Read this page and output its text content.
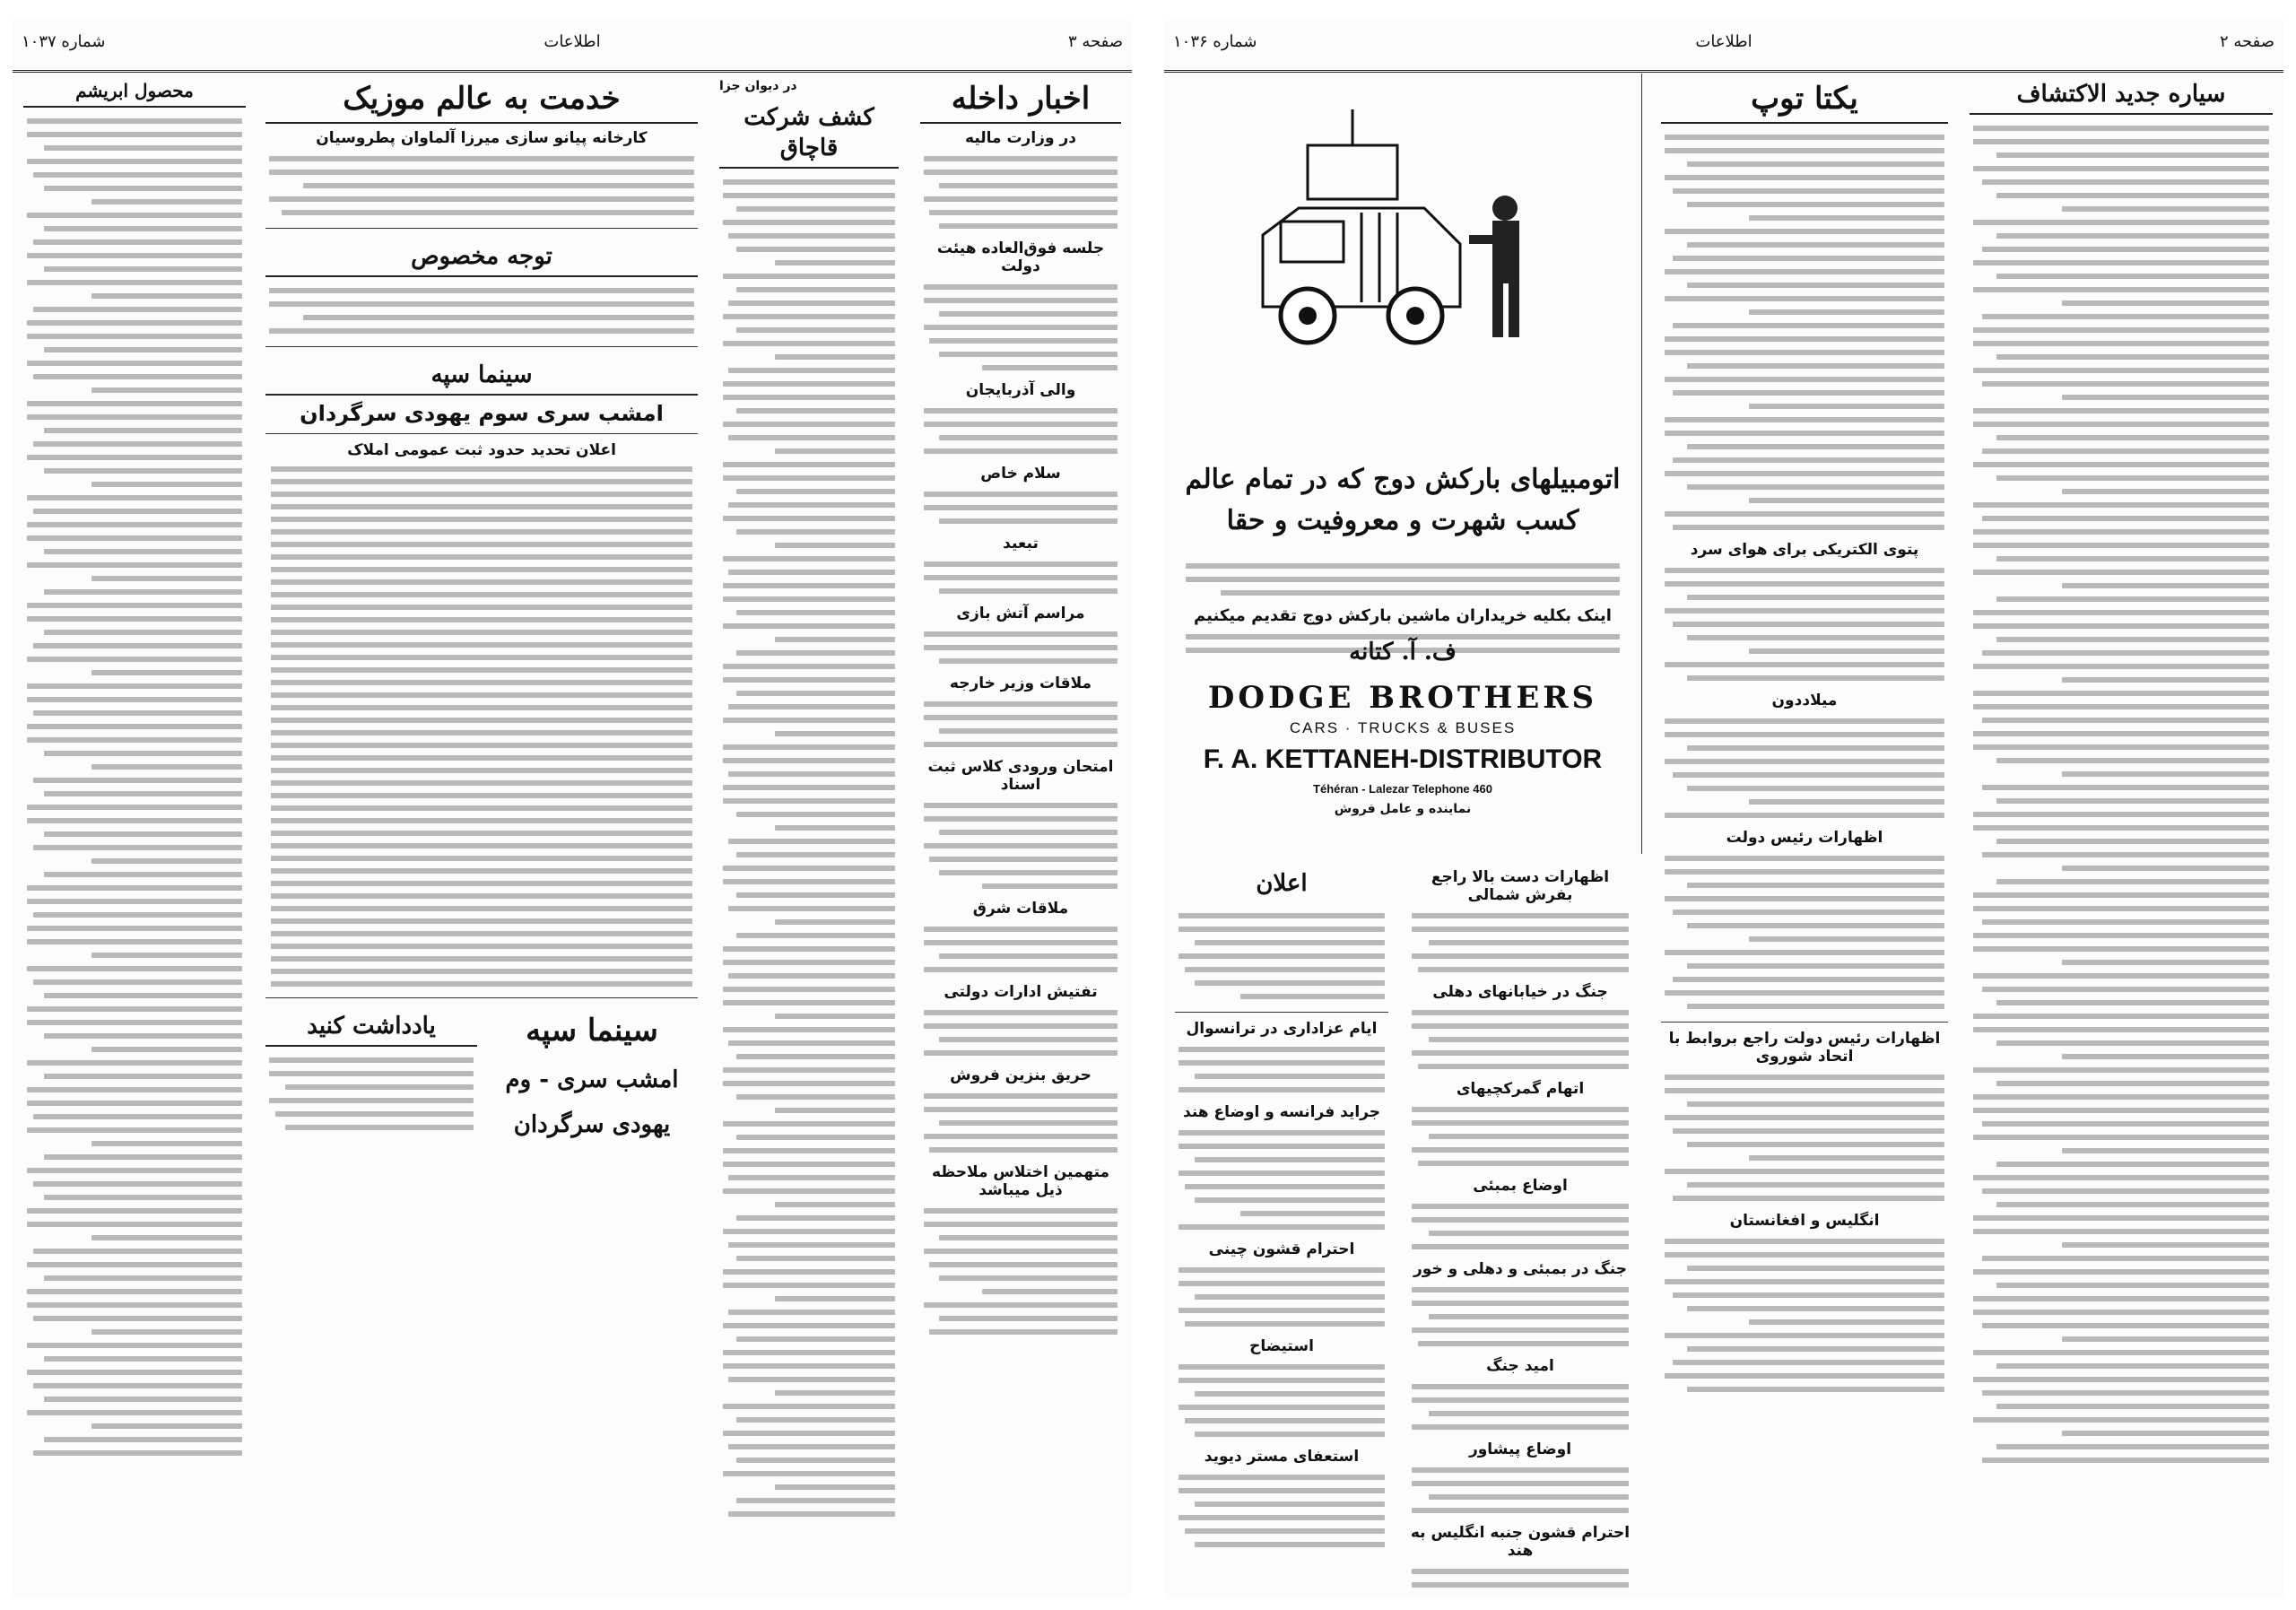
شماره ۱۰۳۷	اطلاعات	صفحه ۳
محصول ابریشم	خدمت به عالم موزیک
کارخانه پیانو سازی میرزا آلماوان پطروسیان
توجه مخصوص
سینما سپه
امشب سری سوم یهودی سرگردان
اعلان تحدید حدود ثبت عمومی املاک
سینما سپه
امشب سری - وم
یهودی سرگردان
یادداشت کنید
در دیوان جزا
کشف شرکت قاچاق
اخبار داخله
در وزارت مالیه
جلسه فوق‌العاده هیئت دولت
والی آذربایجان
سلام خاص
تبعید
مراسم آتش بازی
ملاقات وزیر خارجه
امتحان ورودی کلاس ثبت اسناد
ملاقات شرق
تفتیش ادارات دولتی
حریق بنزین فروش
متهمین اختلاس ملاحظه ذیل میباشد
شماره ۱۰۳۶	اطلاعات	صفحه ۲
اتومبیلهای بارکش دوج که در تمام عالم کسب شهرت و معروفیت و حقا
اینک بکلیه خریداران ماشین بارکش دوج تقدیم میکنیم
ف. آ. کتانه
DODGE BROTHERS
CARS · TRUCKS & BUSES
F. A. KETTANEH-DISTRIBUTOR
Téhéran - Lalezar Telephone 460
نماینده و عامل فروش
اعلان
ایام عزاداری در ترانسوال
جراید فرانسه و اوضاع هند
احترام قشون چینی
استیضاح
استعفای مستر دیوید
اظهارات دست بالا راجع بفرش شمالی
جنگ در خیابانهای دهلی
اتهام گمرکچیهای
اوضاع بمبئی
جنگ در بمبئی و دهلی و خور
امید جنگ
اوضاع پیشاور
احترام قشون جنبه انگلیس به هند
یکتا توپ
پتوی الکتریکی برای هوای سرد
میلاددون
اظهارات رئیس دولت
اظهارات رئیس دولت راجع بروابط با اتحاد شوروی
انگلیس و افغانستان
سیاره جدید الاکتشاف
